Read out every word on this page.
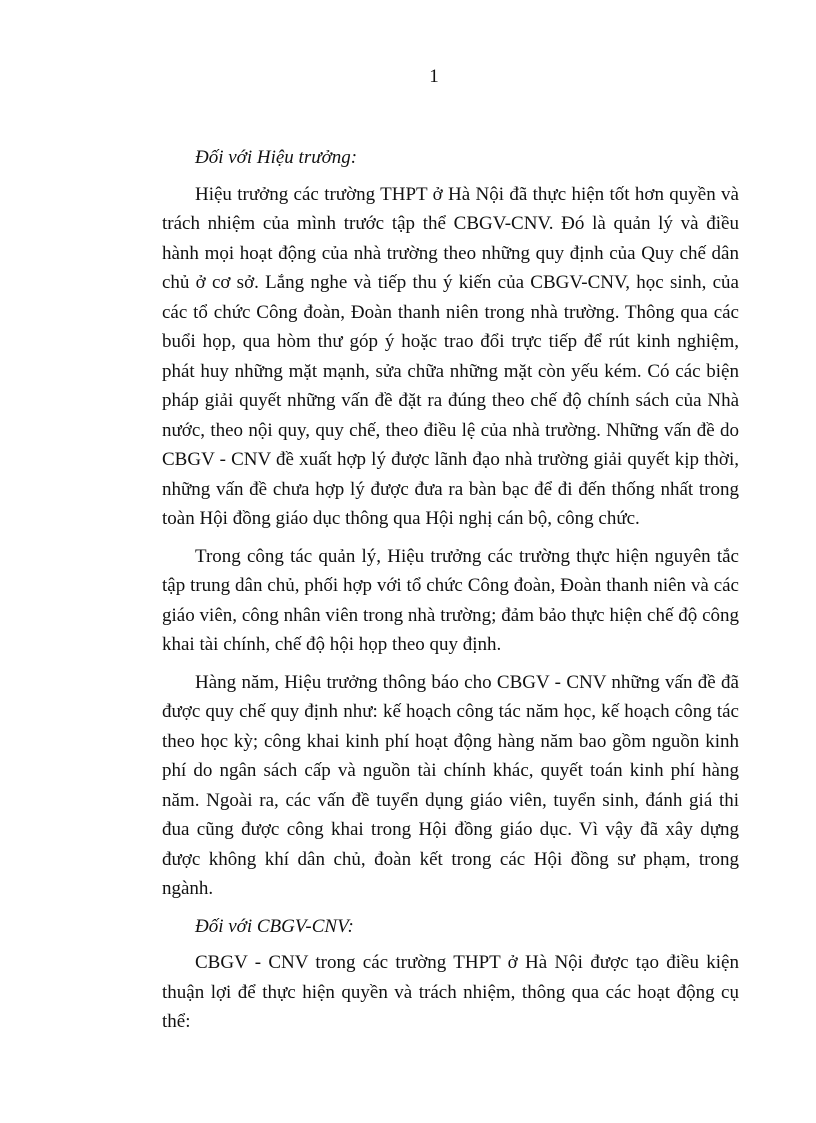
1

Đối với Hiệu trưởng:

Hiệu trưởng các trường THPT ở Hà Nội đã thực hiện tốt hơn quyền và trách nhiệm của mình trước tập thể CBGV-CNV. Đó là quản lý và điều hành mọi hoạt động của nhà trường theo những quy định của Quy chế dân chủ ở cơ sở. Lắng nghe và tiếp thu ý kiến của CBGV-CNV, học sinh, của các tổ chức Công đoàn, Đoàn thanh niên trong nhà trường. Thông qua các buổi họp, qua hòm thư góp ý hoặc trao đổi trực tiếp để rút kinh nghiệm, phát huy những mặt mạnh, sửa chữa những mặt còn yếu kém. Có các biện pháp giải quyết những vấn đề đặt ra đúng theo chế độ chính sách của Nhà nước, theo nội quy, quy chế, theo điều lệ của nhà trường. Những vấn đề do CBGV - CNV đề xuất hợp lý được lãnh đạo nhà trường giải quyết kịp thời, những vấn đề chưa hợp lý được đưa ra bàn bạc để đi đến thống nhất trong toàn Hội đồng giáo dục thông qua Hội nghị cán bộ, công chức.

Trong công tác quản lý, Hiệu trưởng các trường thực hiện nguyên tắc tập trung dân chủ, phối hợp với tổ chức Công đoàn, Đoàn thanh niên và các giáo viên, công nhân viên trong nhà trường; đảm bảo thực hiện chế độ công khai tài chính, chế độ hội họp theo quy định.

Hàng năm, Hiệu trưởng thông báo cho CBGV - CNV những vấn đề đã được quy chế quy định như: kế hoạch công tác năm học, kế hoạch công tác theo học kỳ; công khai kinh phí hoạt động hàng năm bao gồm nguồn kinh phí do ngân sách cấp và nguồn tài chính khác, quyết toán kinh phí hàng năm. Ngoài ra, các vấn đề tuyển dụng giáo viên, tuyển sinh, đánh giá thi đua cũng được công khai trong Hội đồng giáo dục. Vì vậy đã xây dựng được không khí dân chủ, đoàn kết trong các Hội đồng sư phạm, trong ngành.

Đối với CBGV-CNV:

CBGV - CNV trong các trường THPT ở Hà Nội được tạo điều kiện thuận lợi để thực hiện quyền và trách nhiệm, thông qua các hoạt động cụ thể:
